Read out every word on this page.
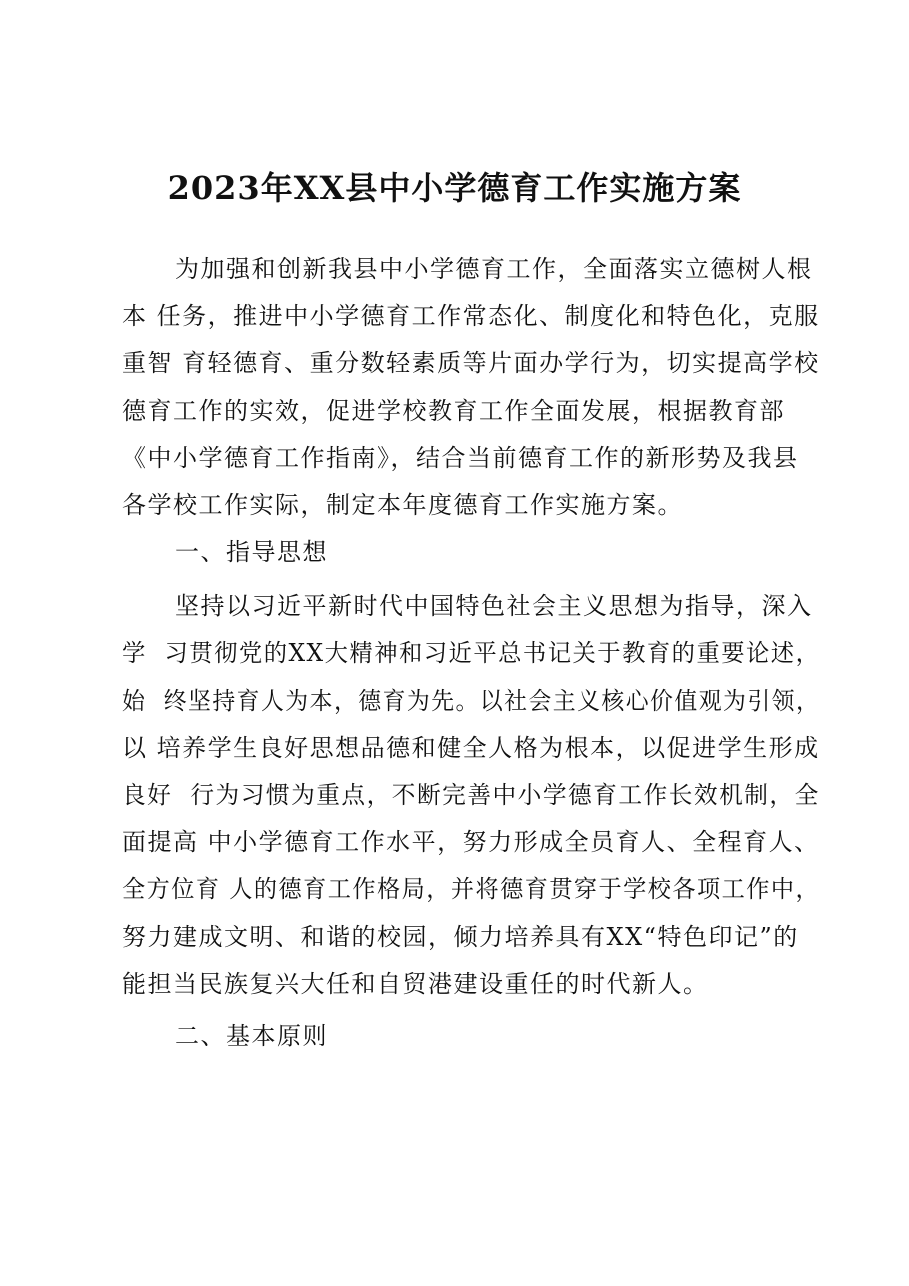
2023年XX县中小学德育工作实施方案
为加强和创新我县中小学德育工作，全面落实立德树人根
本 任务，推进中小学德育工作常态化、制度化和特色化，克服
重智 育轻德育、重分数轻素质等片面办学行为，切实提高学校
德育工作的实效，促进学校教育工作全面发展，根据教育部
《中小学德育工作指南》，结合当前德育工作的新形势及我县
各学校工作实际，制定本年度德育工作实施方案。
一、指导思想
坚持以习近平新时代中国特色社会主义思想为指导，深入
学  习贯彻党的XX大精神和习近平总书记关于教育的重要论述，
始  终坚持育人为本，德育为先。以社会主义核心价值观为引领，
以 培养学生良好思想品德和健全人格为根本，以促进学生形成
良好  行为习惯为重点，不断完善中小学德育工作长效机制，全
面提高 中小学德育工作水平，努力形成全员育人、全程育人、
全方位育 人的德育工作格局，并将德育贯穿于学校各项工作中，
努力建成文明、和谐的校园，倾力培养具有XX“特色印记”的
能担当民族复兴大任和自贸港建设重任的时代新人。
二、基本原则
